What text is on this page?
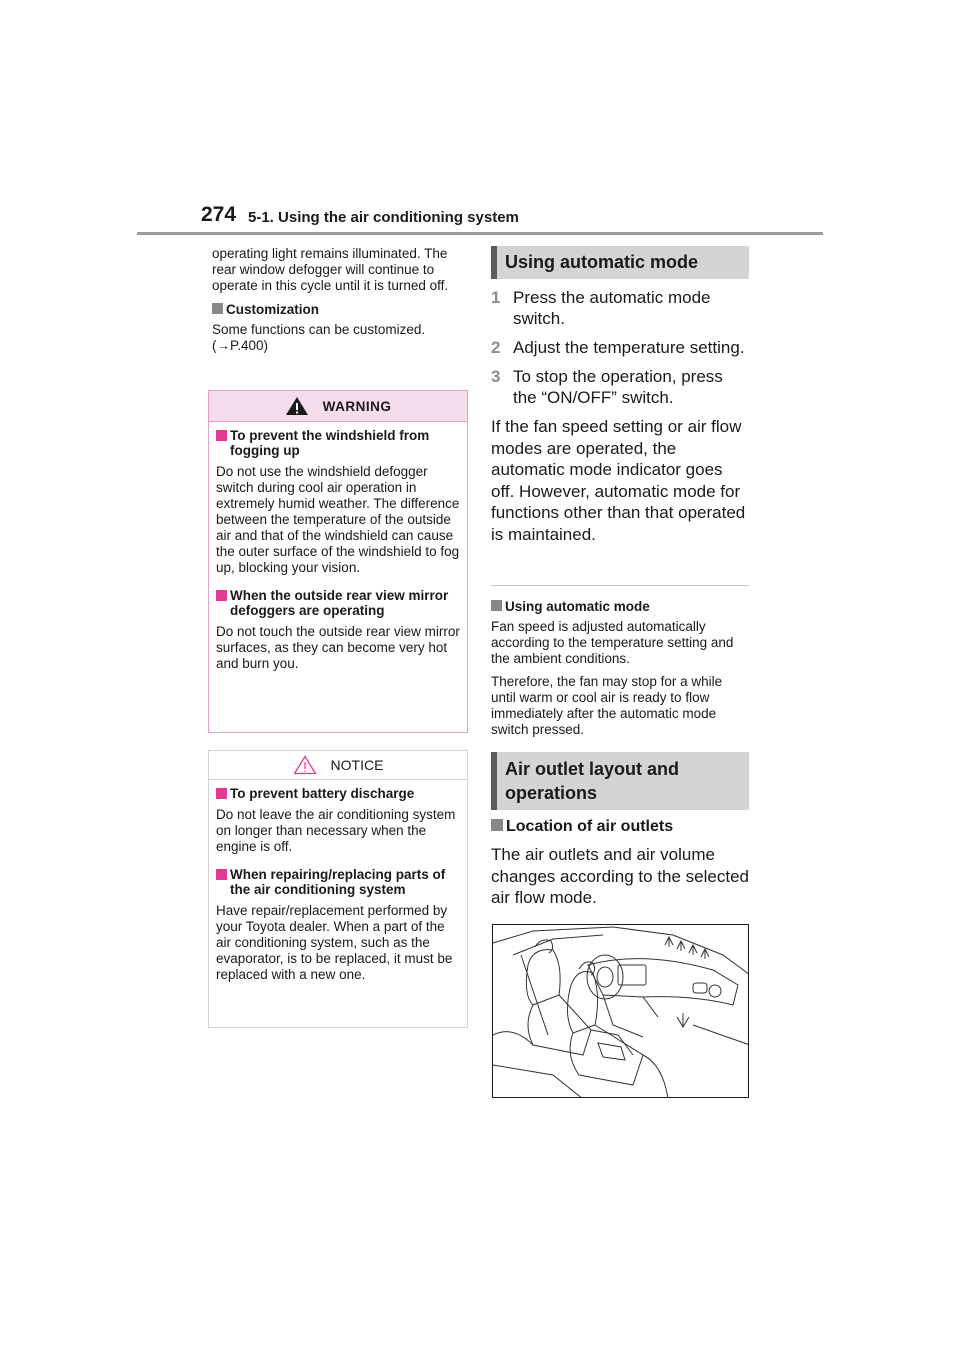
274 5-1. Using the air conditioning system

operating light remains illuminated. The rear window defogger will continue to operate in this cycle until it is turned off.

Customization

Some functions can be customized. (→P.400)

WARNING

To prevent the windshield from fogging up

Do not use the windshield defogger switch during cool air operation in extremely humid weather. The difference between the temperature of the outside air and that of the windshield can cause the outer surface of the windshield to fog up, blocking your vision.

When the outside rear view mirror defoggers are operating

Do not touch the outside rear view mirror surfaces, as they can become very hot and burn you.

NOTICE

To prevent battery discharge

Do not leave the air conditioning system on longer than necessary when the engine is off.

When repairing/replacing parts of the air conditioning system

Have repair/replacement performed by your Toyota dealer. When a part of the air conditioning system, such as the evaporator, is to be replaced, it must be replaced with a new one.

Using automatic mode
1 Press the automatic mode switch.
2 Adjust the temperature setting.
3 To stop the operation, press the “ON/OFF” switch.

If the fan speed setting or air flow modes are operated, the automatic mode indicator goes off. However, automatic mode for functions other than that operated is maintained.

Using automatic mode

Fan speed is adjusted automatically according to the temperature setting and the ambient conditions.

Therefore, the fan may stop for a while until warm or cool air is ready to flow immediately after the automatic mode switch pressed.

Air outlet layout and operations

Location of air outlets

The air outlets and air volume changes according to the selected air flow mode.
